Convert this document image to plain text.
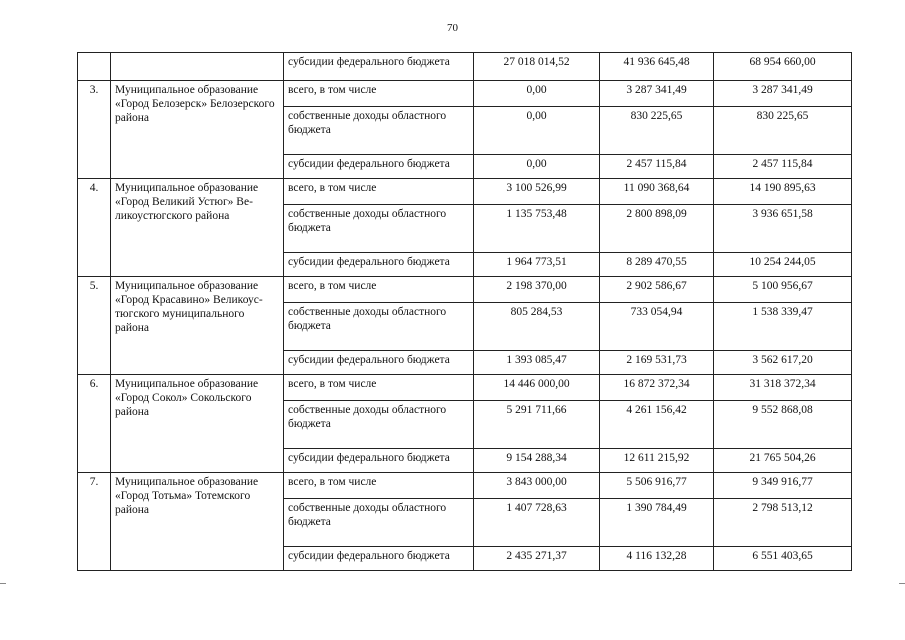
70
		субсидии федерального бюджета	27 018 014,52	41 936 645,48	68 954 660,00
3.	Муниципальное образование «Город Белозерск» Белозерского района	всего, в том числе	0,00	3 287 341,49	3 287 341,49
		собственные доходы областного бюджета	0,00	830 225,65	830 225,65
		субсидии федерального бюджета	0,00	2 457 115,84	2 457 115,84
4.	Муниципальное образование «Город Великий Устюг» Великоустюгского района	всего, в том числе	3 100 526,99	11 090 368,64	14 190 895,63
		собственные доходы областного бюджета	1 135 753,48	2 800 898,09	3 936 651,58
		субсидии федерального бюджета	1 964 773,51	8 289 470,55	10 254 244,05
5.	Муниципальное образование «Город Красавино» Великоустюгского муниципального района	всего, в том числе	2 198 370,00	2 902 586,67	5 100 956,67
		собственные доходы областного бюджета	805 284,53	733 054,94	1 538 339,47
		субсидии федерального бюджета	1 393 085,47	2 169 531,73	3 562 617,20
6.	Муниципальное образование «Город Сокол» Сокольского района	всего, в том числе	14 446 000,00	16 872 372,34	31 318 372,34
		собственные доходы областного бюджета	5 291 711,66	4 261 156,42	9 552 868,08
		субсидии федерального бюджета	9 154 288,34	12 611 215,92	21 765 504,26
7.	Муниципальное образование «Город Тотьма» Тотемского района	всего, в том числе	3 843 000,00	5 506 916,77	9 349 916,77
		собственные доходы областного бюджета	1 407 728,63	1 390 784,49	2 798 513,12
		субсидии федерального бюджета	2 435 271,37	4 116 132,28	6 551 403,65
